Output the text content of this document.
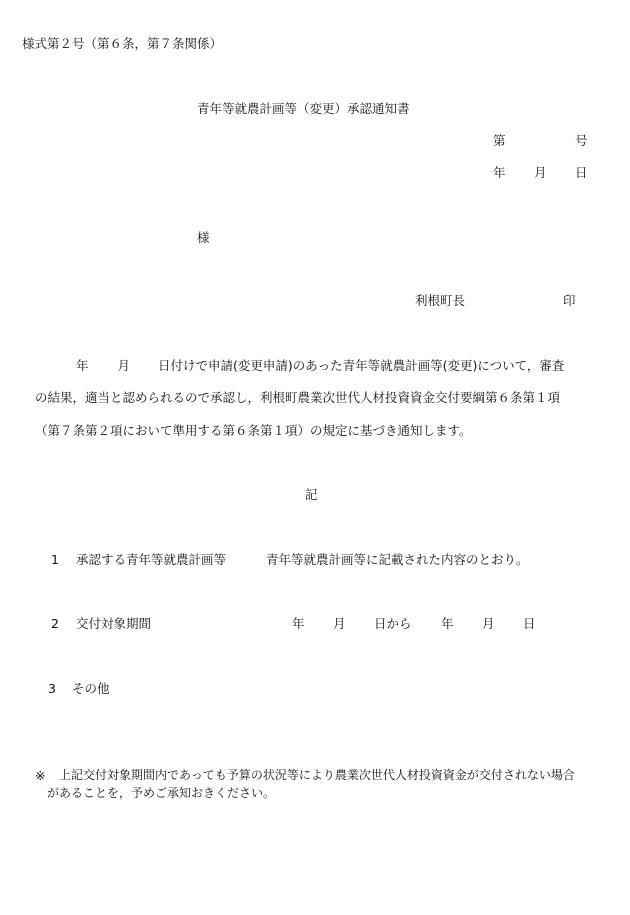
様式第２号（第６条，第７条関係）
青年等就農計画等（変更）承認通知書
第	号
年 月 日
様
利根町長	印
年 月 日付けで申請(変更申請)のあった青年等就農計画等(変更)について，審査
の結果，適当と認められるので承認し，利根町農業次世代人材投資資金交付要綱第６条第１項
（第７条第２項において準用する第６条第１項）の規定に基づき通知します。
記
1 承認する青年等就農計画等	青年等就農計画等に記載された内容のとおり。
2 交付対象期間	年 月 日から 年 月 日
3 その他
※ 上記交付対象期間内であっても予算の状況等により農業次世代人材投資資金が交付されない場合
があることを，予めご承知おきください。
